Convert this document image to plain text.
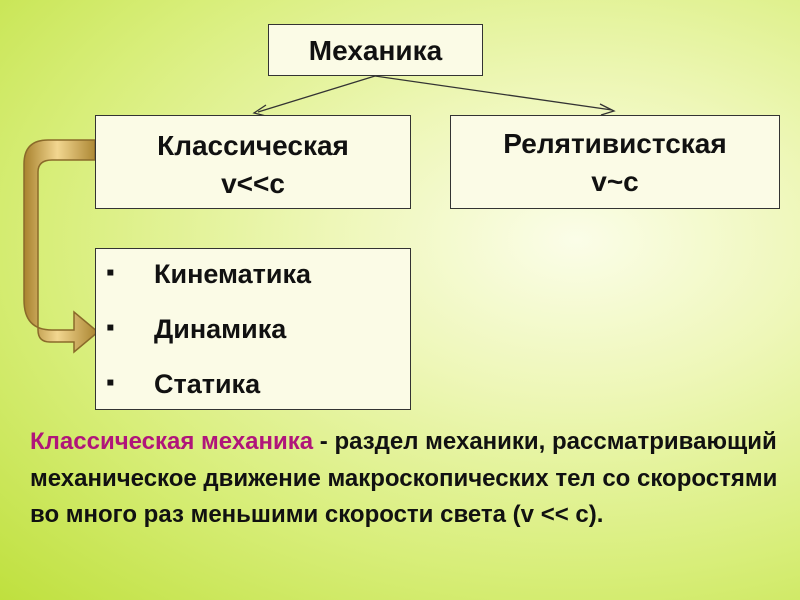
Механика
Классическая
v<<c
Релятивистская
v~c
▪ Кинематика
▪ Динамика
▪ Статика
Классическая механика - раздел механики, рассматривающий механическое движение макроскопических тел со скоростями во много раз меньшими скорости света (v << c).
